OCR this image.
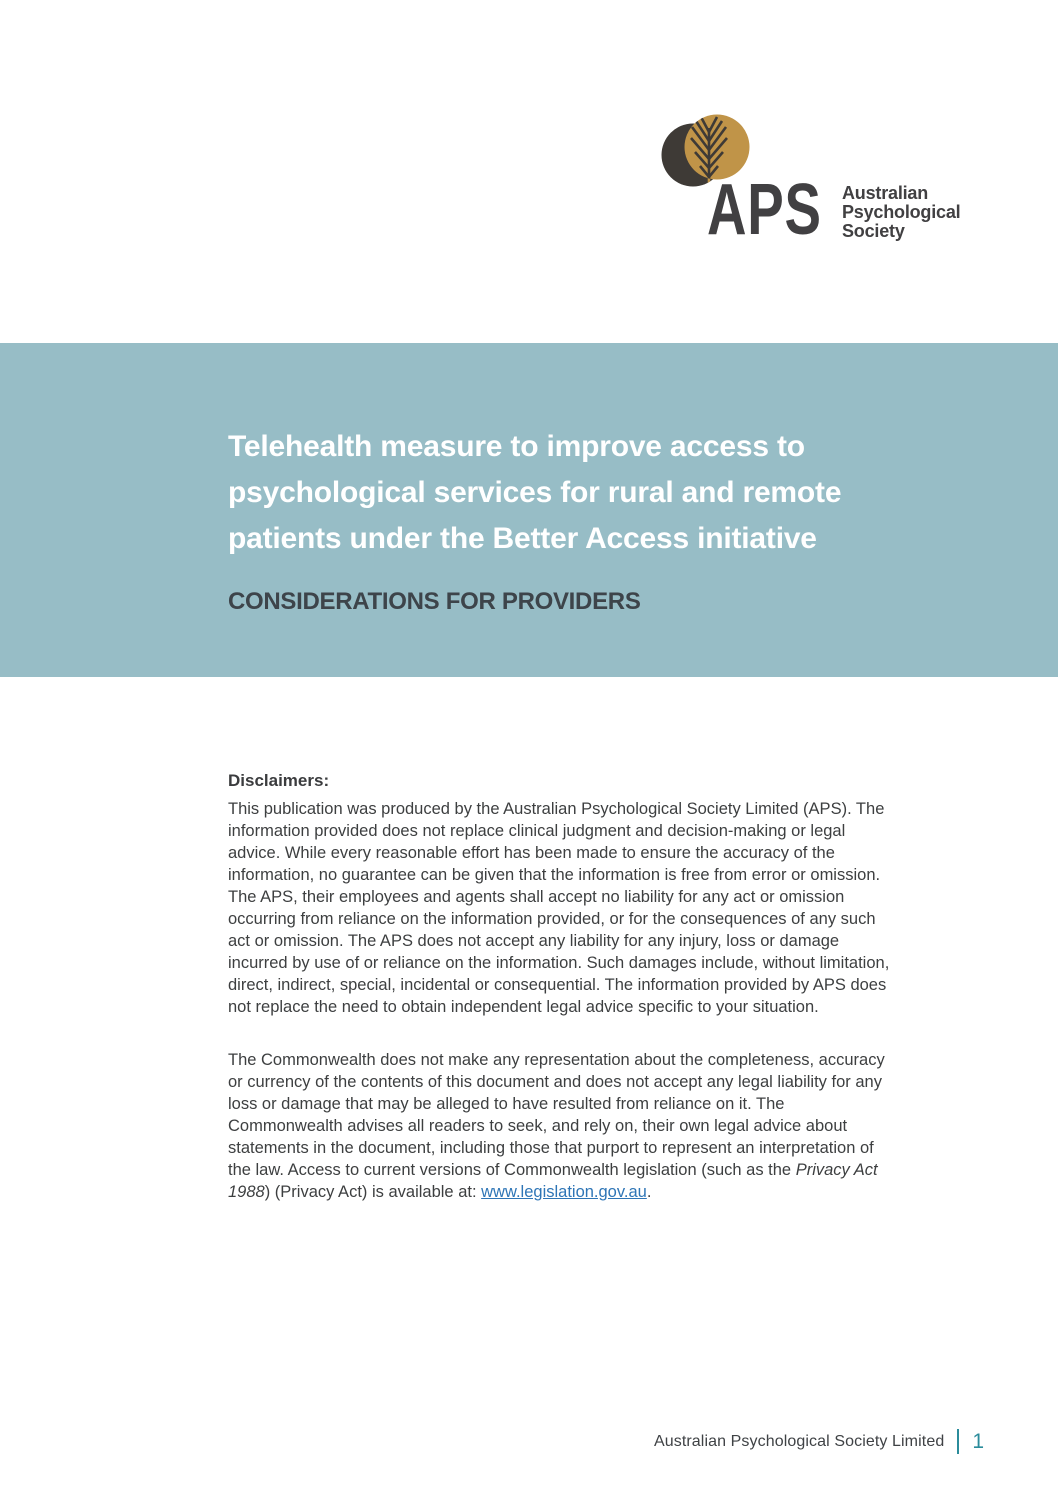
APS Australian
Psychological
Society
Telehealth measure to improve access to
psychological services for rural and remote
patients under the Better Access initiative
CONSIDERATIONS FOR PROVIDERS
Disclaimers:
This publication was produced by the Australian Psychological Society Limited (APS). The information provided does not replace clinical judgment and decision-making or legal advice. While every reasonable effort has been made to ensure the accuracy of the information, no guarantee can be given that the information is free from error or omission. The APS, their employees and agents shall accept no liability for any act or omission occurring from reliance on the information provided, or for the consequences of any such act or omission. The APS does not accept any liability for any injury, loss or damage incurred by use of or reliance on the information. Such damages include, without limitation, direct, indirect, special, incidental or consequential. The information provided by APS does not replace the need to obtain independent legal advice specific to your situation.
The Commonwealth does not make any representation about the completeness, accuracy or currency of the contents of this document and does not accept any legal liability for any loss or damage that may be alleged to have resulted from reliance on it. The Commonwealth advises all readers to seek, and rely on, their own legal advice about statements in the document, including those that purport to represent an interpretation of the law. Access to current versions of Commonwealth legislation (such as the Privacy Act 1988) (Privacy Act) is available at: www.legislation.gov.au.
Australian Psychological Society Limited 1
